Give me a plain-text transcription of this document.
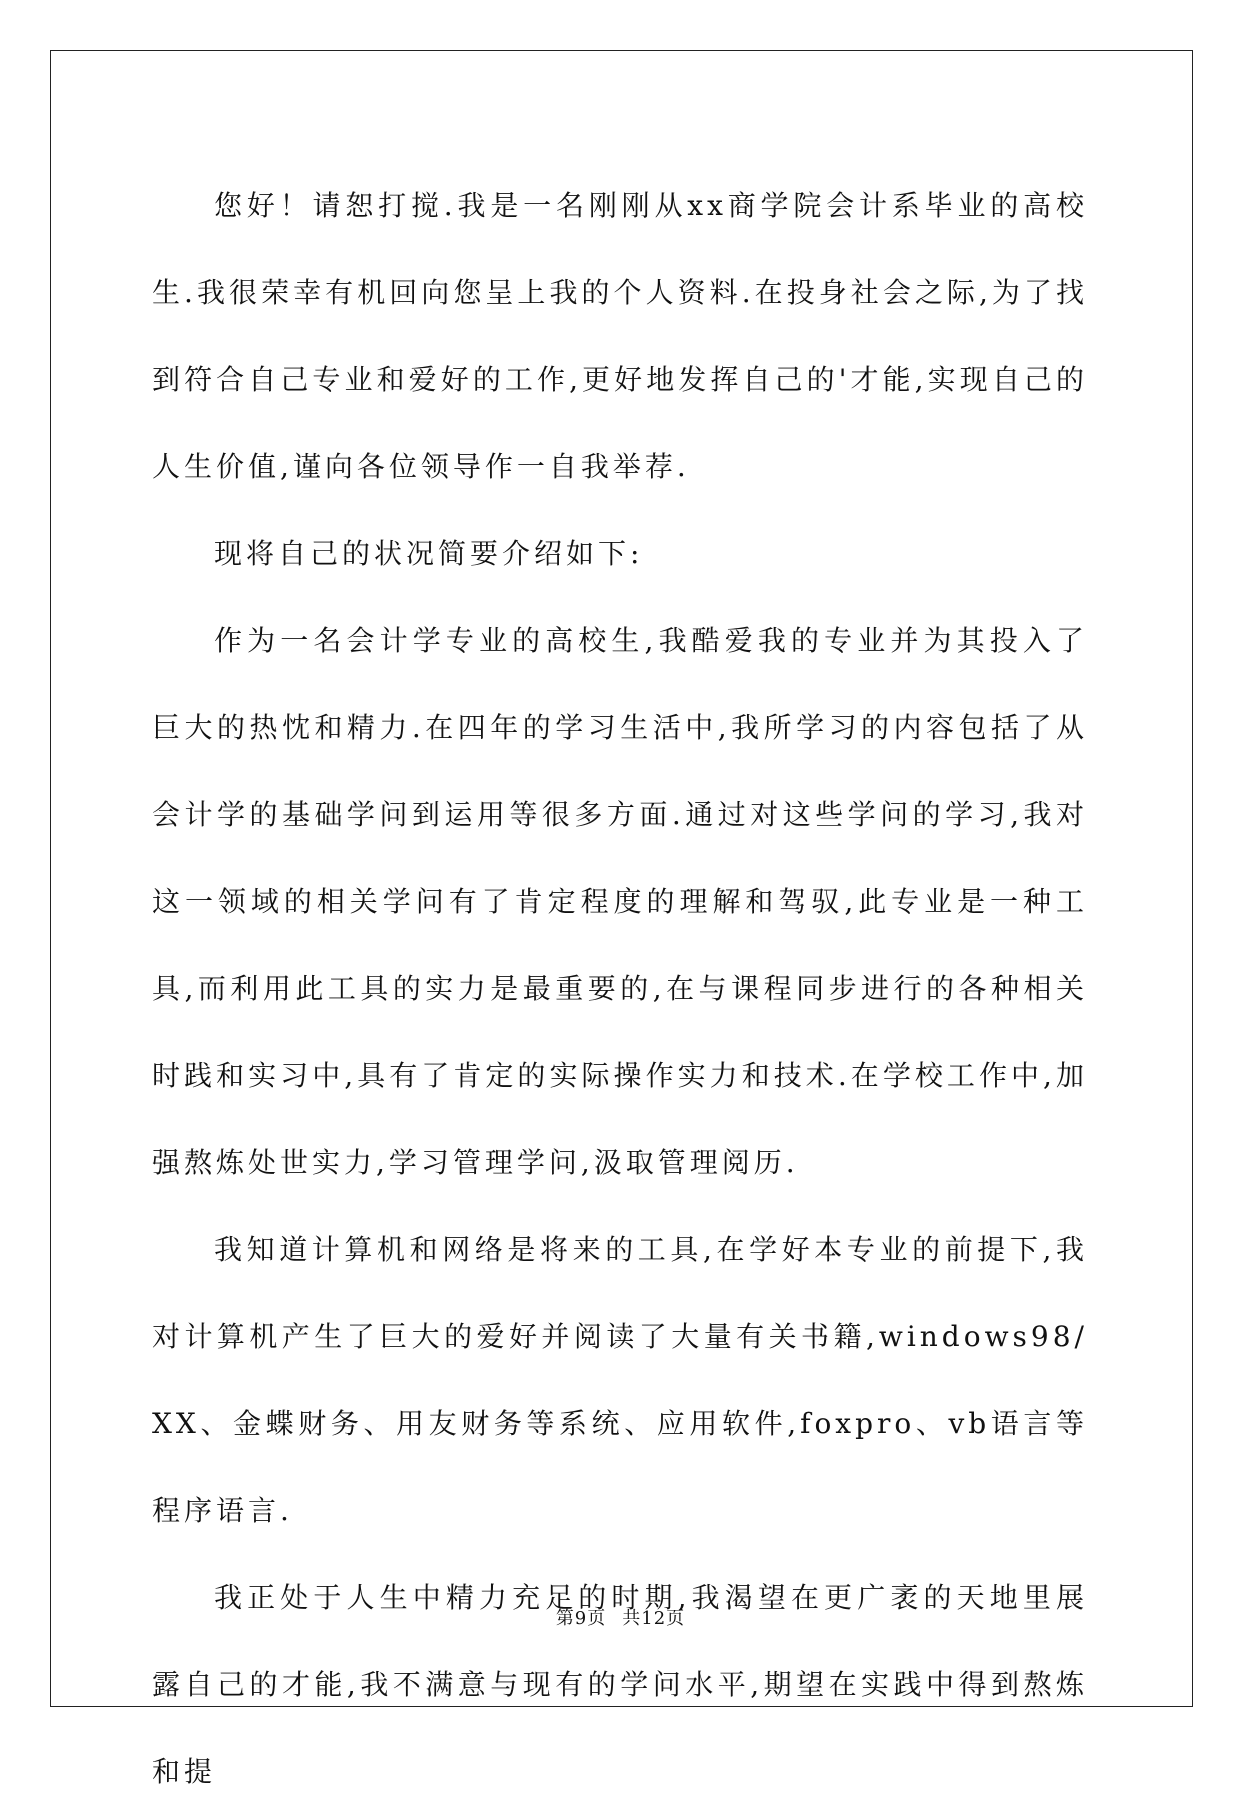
您好！请恕打搅.我是一名刚刚从xx商学院会计系毕业的高校生.我很荣幸有机回向您呈上我的个人资料.在投身社会之际,为了找到符合自己专业和爱好的工作,更好地发挥自己的'才能,实现自己的人生价值,谨向各位领导作一自我举荐.

现将自己的状况简要介绍如下:

作为一名会计学专业的高校生,我酷爱我的专业并为其投入了巨大的热忱和精力.在四年的学习生活中,我所学习的内容包括了从会计学的基础学问到运用等很多方面.通过对这些学问的学习,我对这一领域的相关学问有了肯定程度的理解和驾驭,此专业是一种工具,而利用此工具的实力是最重要的,在与课程同步进行的各种相关时践和实习中,具有了肯定的实际操作实力和技术.在学校工作中,加强熬炼处世实力,学习管理学问,汲取管理阅历.

我知道计算机和网络是将来的工具,在学好本专业的前提下,我对计算机产生了巨大的爱好并阅读了大量有关书籍,windows98/XX、金蝶财务、用友财务等系统、应用软件,foxpro、vb语言等程序语言.

我正处于人生中精力充足的时期,我渴望在更广袤的天地里展露自己的才能,我不满意与现有的学问水平,期望在实践中得到熬炼和提

第9页 共12页
